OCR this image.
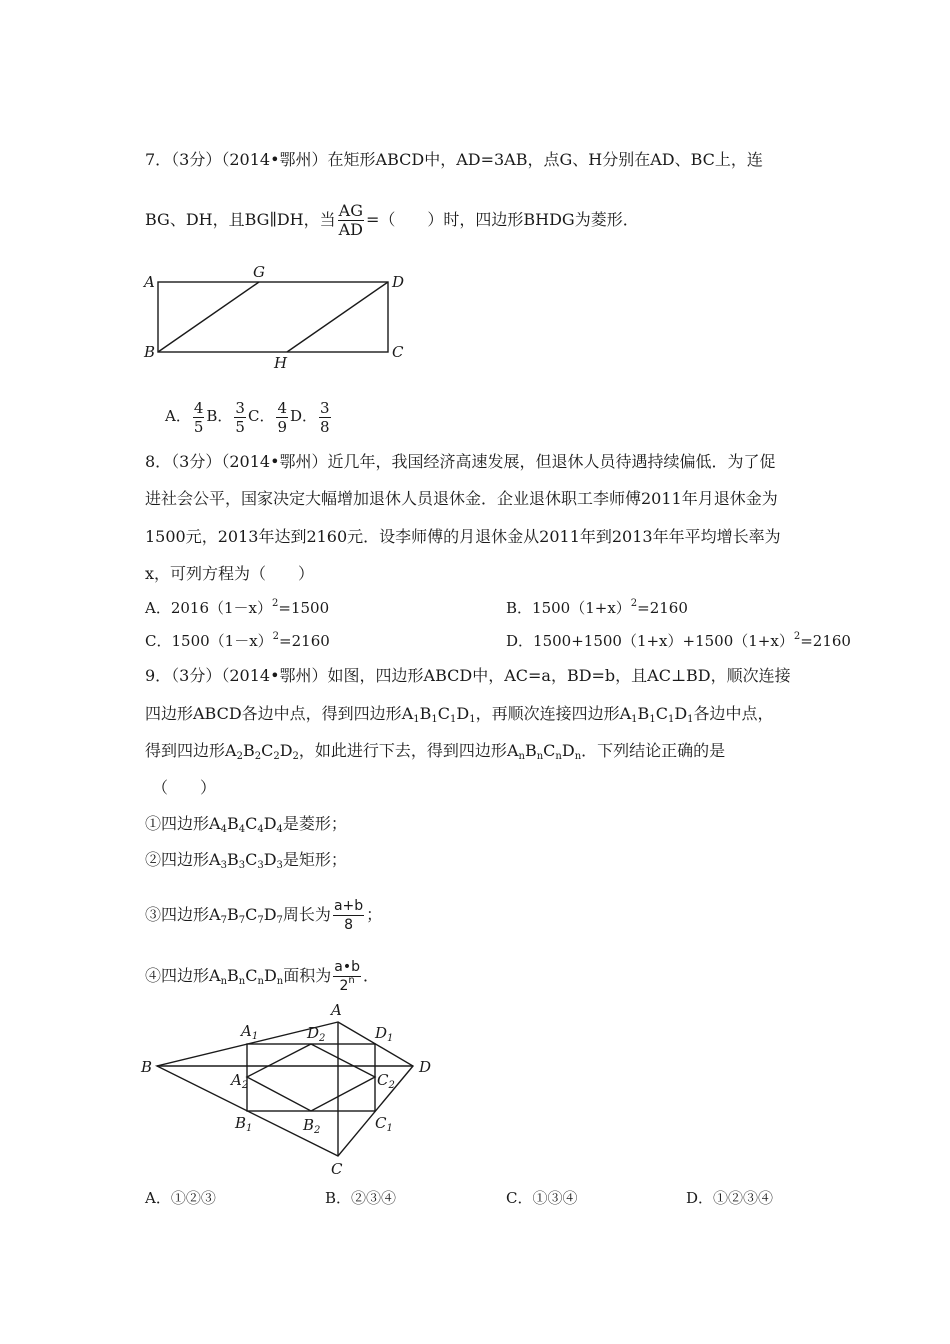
7．（3分）（2014•鄂州）在矩形ABCD中，AD=3AB，点G、H分别在AD、BC上，连
BG、DH，且BG∥DH，当 $\frac{AG}{AD}$ =（　　）时，四边形BHDG为菱形．
A
G
D
B
H
C
A． $\frac{4}{5}$ B． $\frac{3}{5}$ C． $\frac{4}{9}$ D． $\frac{3}{8}$
8．（3分）（2014•鄂州）近几年，我国经济高速发展，但退休人员待遇持续偏低．为了促
进社会公平，国家决定大幅增加退休人员退休金．企业退休职工李师傅2011年月退休金为
1500元，2013年达到2160元．设李师傅的月退休金从2011年到2013年年平均增长率为
x，可列方程为（　　）
A．$2016(1-x)^2=1500$	B．$1500(1+x)^2=2160$
C．$1500(1-x)^2=2160$	D．$1500+1500(1+x)+1500(1+x)^2=2160$
9．（3分）（2014•鄂州）如图，四边形ABCD中，AC=a，BD=b，且AC⊥BD，顺次连接
四边形ABCD各边中点，得到四边形$A_1B_1C_1D_1$，再顺次连接四边形$A_1B_1C_1D_1$各边中点，
得到四边形$A_2B_2C_2D_2$，如此进行下去，得到四边形$A_nB_nC_nD_n$．下列结论正确的是
（　　）
①四边形$A_4B_4C_4D_4$是菱形；
②四边形$A_3B_3C_3D_3$是矩形；
③四边形$A_7B_7C_7D_7$周长为 $\frac{a+b}{8}$ ；
④四边形$A_nB_nC_nD_n$面积为 $\frac{a•b}{2^n}$ ．
A
$A_1$	$D_2$	$D_1$
B
$A_2$	$C_2$
D
$B_1$	$B_2$	$C_1$
C
A．①②③	B．②③④	C．①③④	D．①②③④
